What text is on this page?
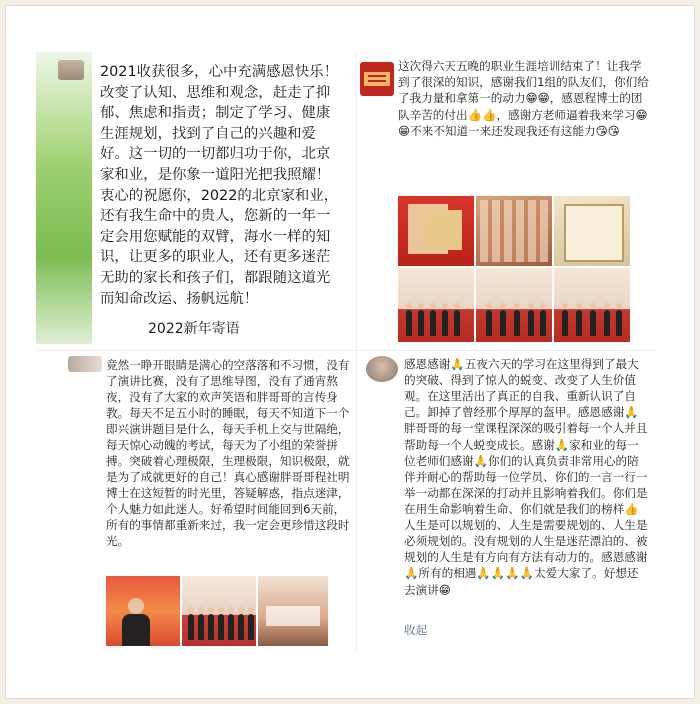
2021收获很多，心中充满感恩快乐！改变了认知、思维和观念，赶走了抑郁、焦虑和指责；制定了学习、健康生涯规划，找到了自己的兴趣和爱好。这一切的一切都归功于你，北京家和业，是你象一道阳光把我照耀！衷心的祝愿你，2022的北京家和业，还有我生命中的贵人，您新的一年一定会用您赋能的双臂，海水一样的知识，让更多的职业人，还有更多迷茫无助的家长和孩子们，都跟随这道光而知命改运、扬帆远航！
2022新年寄语
这次得六天五晚的职业生涯培训结束了！让我学到了很深的知识，感谢我们1组的队友们，你们给了我力量和拿第一的动力😁😁，感恩程博士的团队辛苦的付出👍👍，感谢方老师逼着我来学习😁😁不来不知道一来还发现我还有这能力😘😘
竟然一睁开眼睛是满心的空落落和不习惯，没有了演讲比赛，没有了思维导图，没有了通宵熬夜，没有了大家的欢声笑语和胖哥哥的言传身教。每天不足五小时的睡眠，每天不知道下一个即兴演讲题目是什么，每天手机上交与世隔绝，每天惊心动魄的考试，每天为了小组的荣誉拼搏。突破着心理极限，生理极限，知识极限，就是为了成就更好的自己！真心感谢胖哥哥程社明博士在这短暂的时光里，答疑解惑，指点迷津，个人魅力如此迷人。好希望时间能回到6天前，所有的事情都重新来过，我一定会更珍惜这段时光。
感恩感谢🙏五夜六天的学习在这里得到了最大的突破、得到了惊人的蜕变、改变了人生价值观。在这里活出了真正的自我、重新认识了自己。卸掉了曾经那个厚厚的盔甲。感恩感谢🙏胖哥哥的每一堂课程深深的吸引着每一个人并且帮助每一个人蜕变成长。感谢🙏家和业的每一位老师们感谢🙏你们的认真负责非常用心的陪伴并耐心的帮助每一位学员、你们的一言一行一举一动都在深深的打动并且影响着我们。你们是在用生命影响着生命、你们就是我们的榜样👍人生是可以规划的、人生是需要规划的、人生是必须规划的。没有规划的人生是迷茫漂泊的、被规划的人生是有方向有方法有动力的。感恩感谢🙏所有的相遇🙏🙏🙏🙏太爱大家了。好想还去演讲😁
收起
